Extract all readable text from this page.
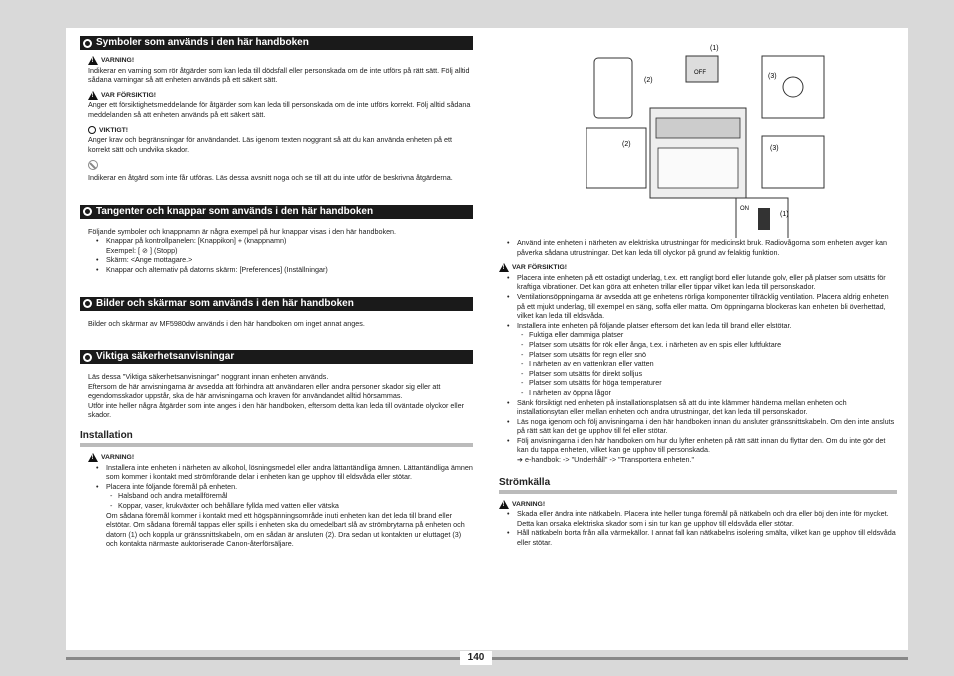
Symboler som används i den här handboken
!
VARNING!

Indikerar en varning som rör åtgärder som kan leda till dödsfall eller personskada om de inte utförs på rätt sätt. Följ alltid sådana varningar så att enheten används på ett säkert sätt.

!
VAR FÖRSIKTIG!

Anger ett försiktighetsmeddelande för åtgärder som kan leda till personskada om de inte utförs korrekt. Följ alltid sådana meddelanden så att enheten används på ett säkert sätt.

VIKTIGT!

Anger krav och begränsningar för användandet. Läs igenom texten noggrant så att du kan använda enheten på ett korrekt sätt och undvika skador.

Indikerar en åtgärd som inte får utföras. Läs dessa avsnitt noga och se till att du inte utför de beskrivna åtgärderna.

Tangenter och knappar som används i den här handboken

Följande symboler och knappnamn är några exempel på hur knappar visas i den här handboken.

• Knappar på kontrollpanelen: [Knappikon] + (knappnamn)
Exempel: [ ⊘ ] (Stopp)
• Skärm: <Ange mottagare.>
• Knappar och alternativ på datorns skärm: [Preferences] (Inställningar)
Bilder och skärmar som används i den här handboken

Bilder och skärmar av MF5980dw används i den här handboken om inget annat anges.

Viktiga säkerhetsanvisningar

Läs dessa "Viktiga säkerhetsanvisningar" noggrant innan enheten används.

Eftersom de här anvisningarna är avsedda att förhindra att användaren eller andra personer skador sig eller att egendomsskador uppstår, ska de här anvisningarna och kraven för användandet alltid hörsammas.

Utför inte heller några åtgärder som inte anges i den här handboken, eftersom detta kan leda till oväntade olyckor eller skador.

Installation
!
VARNING!
• Installera inte enheten i närheten av alkohol, lösningsmedel eller andra lättantändliga ämnen. Lättantändliga ämnen som kommer i kontakt med strömförande delar i enheten kan ge upphov till eldsvåda eller stötar.
• Placera inte följande föremål på enheten.
- Halsband och andra metallföremål
- Koppar, vaser, krukväxter och behållare fyllda med vatten eller vätska

Om sådana föremål kommer i kontakt med ett högspänningsområde inuti enheten kan det leda till brand eller elstötar. Om sådana föremål tappas eller spills i enheten ska du omedelbart slå av strömbrytarna på enheten och datorn (1) och koppla ur gränssnittskabeln, om en sådan är ansluten (2). Dra sedan ut kontakten ur eluttaget (3) och kontakta närmaste auktoriserade Canon-återförsäljare.

(1)
(2)
(3)
(2)
(3)
(1)
OFF
ON
• Använd inte enheten i närheten av elektriska utrustningar för medicinskt bruk. Radiovågorna som enheten avger kan påverka sådana utrustningar. Det kan leda till olyckor på grund av felaktig funktion.
!
VAR FÖRSIKTIG!
• Placera inte enheten på ett ostadigt underlag, t.ex. ett rangligt bord eller lutande golv, eller på platser som utsätts för kraftiga vibrationer. Det kan göra att enheten trillar eller tippar vilket kan leda till personskador.
• Ventilationsöppningarna är avsedda att ge enhetens rörliga komponenter tillräcklig ventilation. Placera aldrig enheten på ett mjukt underlag, till exempel en säng, soffa eller matta. Om öppningarna blockeras kan enheten bli överhettad, vilket kan leda till eldsvåda.
• Installera inte enheten på följande platser eftersom det kan leda till brand eller elstötar.
- Fuktiga eller dammiga platser
- Platser som utsätts för rök eller ånga, t.ex. i närheten av en spis eller luftfuktare
- Platser som utsätts för regn eller snö
- I närheten av en vattenkran eller vatten
- Platser som utsätts för direkt solljus
- Platser som utsätts för höga temperaturer
- I närheten av öppna lågor
• Sänk försiktigt ned enheten på installationsplatsen så att du inte klämmer händerna mellan enheten och installationsytan eller mellan enheten och andra utrustningar, det kan leda till personskador.
• Läs noga igenom och följ anvisningarna i den här handboken innan du ansluter gränssnittskabeln. Om den inte ansluts på rätt sätt kan det ge upphov till fel eller stötar.
• Följ anvisningarna i den här handboken om hur du lyfter enheten på rätt sätt innan du flyttar den. Om du inte gör det kan du tappa enheten, vilket kan ge upphov till personskada.

➔ e-handbok: -> "Underhåll" -> "Transportera enheten."

Strömkälla
!
VARNING!
• Skada eller ändra inte nätkabeln. Placera inte heller tunga föremål på nätkabeln och dra eller böj den inte för mycket. Detta kan orsaka elektriska skador som i sin tur kan ge upphov till eldsvåda eller stötar.
• Håll nätkabeln borta från alla värmekällor. I annat fall kan nätkabelns isolering smälta, vilket kan ge upphov till eldsvåda eller stötar.
140
